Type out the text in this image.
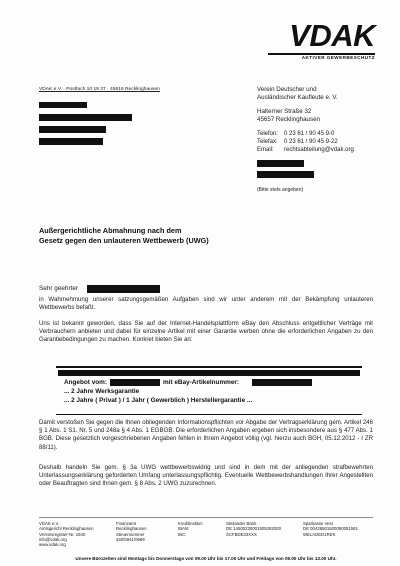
VDAK
AKTIVER GEWERBESCHUTZ
VDAK e.V. · Postfach 10 19 37 · 45619 Recklinghausen	Verein Deutscher und
Ausländischer Kaufleute e. V.
Halterner Straße 32
45657 Recklinghausen
Telefon: 0 23 61 / 90 45 9-0
Telefax: 0 23 61 / 90 45 9-22
Email: rechtsabteilung@vdak.org
(Bitte stets angeben)
Außergerichtliche Abmahnung nach dem
Gesetz gegen den unlauteren Wettbewerb (UWG)
Sehr geehrter
in Wahrnehmung unserer satzungsgemäßen Aufgaben sind wir unter anderem mit der Bekämpfung unlauteren Wettbewerbs befaßt.
Uns ist bekannt geworden, dass Sie auf der Internet-Handelsplattform eBay den Abschluss entgeltlicher Verträge mit Verbrauchern anbieten und dabei für einzelne Artikel mit einer Garantie werben ohne die erforderlichen Angaben zu den Garantiebedingungen zu machen. Konkret bieten Sie an:
Angebot vom:	mit eBay-Artikelnummer:
... 2 Jahre Werksgarantie
... 2 Jahre ( Privat ) / 1 Jahr ( Gewerblich ) Herstellergarantie ...
Damit verstoßen Sie gegen die Ihnen obliegenden Informationspflichten vor Abgabe der Vertragserklärung gem. Artikel 246 § 1 Abs. 1 S1. Nr. 5 und 248a § 4 Abs. 1 EGBGB. Die erforderlichen Angaben ergeben sich insbesondere aus § 477 Abs. 1 BGB. Diese gesetzlich vorgeschriebenen Angaben fehlen in Ihrem Angebot völlig (vgl. hierzu auch BGH, 05.12.2012 - I ZR 88/11).
Deshalb handeln Sie gem. § 3a UWG wettbewerbswidrig und sind in dem mit der anliegenden strafbewehrten Unterlassungserklärung geforderten Umfang unterlassungspflichtig. Eventuelle Wettbewerbshandlungen Ihrer Angestellten oder Beauftragten sind Ihnen gem. § 8 Abs. 2 UWG zuzurechnen.
VDAK e.V.
Amtsgericht Recklinghausen
Vereinsregister-Nr. 1940
info@vdak.org
www.vdak.org
Finanzamt
Recklinghausen
Steuernummer
340/5941/0699
Kreditinstitut:
IBAN:
BIC:
Steilander Bank
DE 14500230001505282000
SCFBDE33XXX
Sparkasse Vest
DE 00426501500050051581
WELADED1REK
Unsere Bürozeiten sind Montags bis Donnerstags von 09.00 Uhr bis 17.00 Uhr und Freitags von 09.00 Uhr bis 13.00 Uhr.
